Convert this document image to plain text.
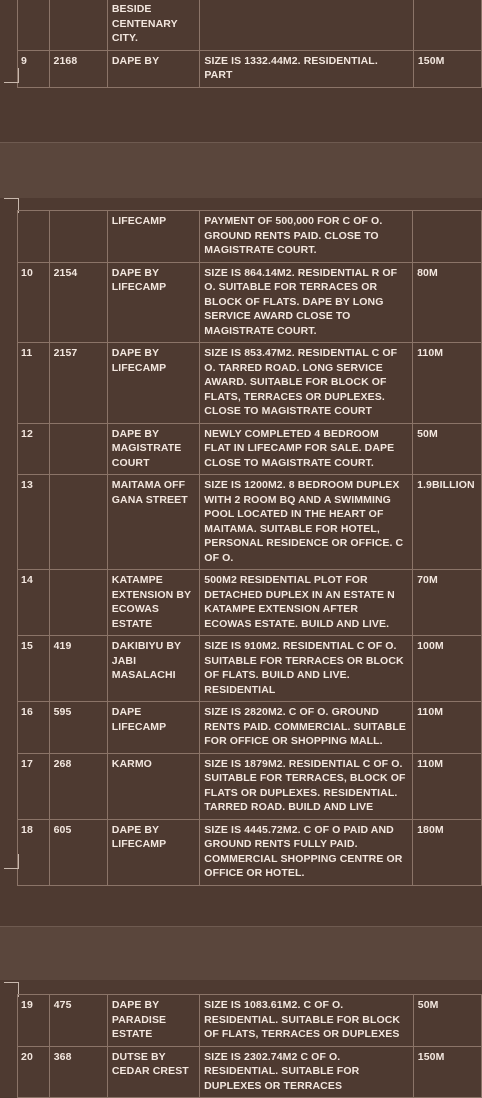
		BESIDE CENTENARY CITY.		
9	2168	DAPE BY	SIZE IS 1332.44M2. RESIDENTIAL. PART	150M
		LIFECAMP	PAYMENT OF 500,000 FOR C OF O. GROUND RENTS PAID. CLOSE TO MAGISTRATE COURT.	
10	2154	DAPE BY LIFECAMP	SIZE IS 864.14M2. RESIDENTIAL R OF O. SUITABLE FOR TERRACES OR BLOCK OF FLATS. DAPE BY LONG SERVICE AWARD CLOSE TO MAGISTRATE COURT.	80M
11	2157	DAPE BY LIFECAMP	SIZE IS 853.47M2. RESIDENTIAL C OF O. TARRED ROAD. LONG SERVICE AWARD. SUITABLE FOR BLOCK OF FLATS, TERRACES OR DUPLEXES. CLOSE TO MAGISTRATE COURT	110M
12		DAPE BY MAGISTRATE COURT	NEWLY COMPLETED 4 BEDROOM FLAT IN LIFECAMP FOR SALE. DAPE CLOSE TO MAGISTRATE COURT.	50M
13		MAITAMA OFF GANA STREET	SIZE IS 1200M2. 8 BEDROOM DUPLEX WITH 2 ROOM BQ AND A SWIMMING POOL LOCATED IN THE HEART OF MAITAMA. SUITABLE FOR HOTEL, PERSONAL RESIDENCE OR OFFICE. C OF O.	1.9BILLION
14		KATAMPE EXTENSION BY ECOWAS ESTATE	500M2 RESIDENTIAL PLOT FOR DETACHED DUPLEX IN AN ESTATE N KATAMPE EXTENSION AFTER ECOWAS ESTATE. BUILD AND LIVE.	70M
15	419	DAKIBIYU BY JABI MASALACHI	SIZE IS 910M2. RESIDENTIAL C OF O. SUITABLE FOR TERRACES OR BLOCK OF FLATS. BUILD AND LIVE. RESIDENTIAL	100M
16	595	DAPE LIFECAMP	SIZE IS 2820M2. C OF O. GROUND RENTS PAID. COMMERCIAL. SUITABLE FOR OFFICE OR SHOPPING MALL.	110M
17	268	KARMO	SIZE IS 1879M2. RESIDENTIAL C OF O. SUITABLE FOR TERRACES, BLOCK OF FLATS OR DUPLEXES. RESIDENTIAL. TARRED ROAD. BUILD AND LIVE	110M
18	605	DAPE BY LIFECAMP	SIZE IS 4445.72M2. C OF O PAID AND GROUND RENTS FULLY PAID. COMMERCIAL SHOPPING CENTRE OR OFFICE OR HOTEL.	180M
19	475	DAPE BY PARADISE ESTATE	SIZE IS 1083.61M2. C OF O. RESIDENTIAL. SUITABLE FOR BLOCK OF FLATS, TERRACES OR DUPLEXES	50M
20	368	DUTSE BY CEDAR CREST	SIZE IS 2302.74M2 C OF O. RESIDENTIAL. SUITABLE FOR DUPLEXES OR TERRACES	150M
